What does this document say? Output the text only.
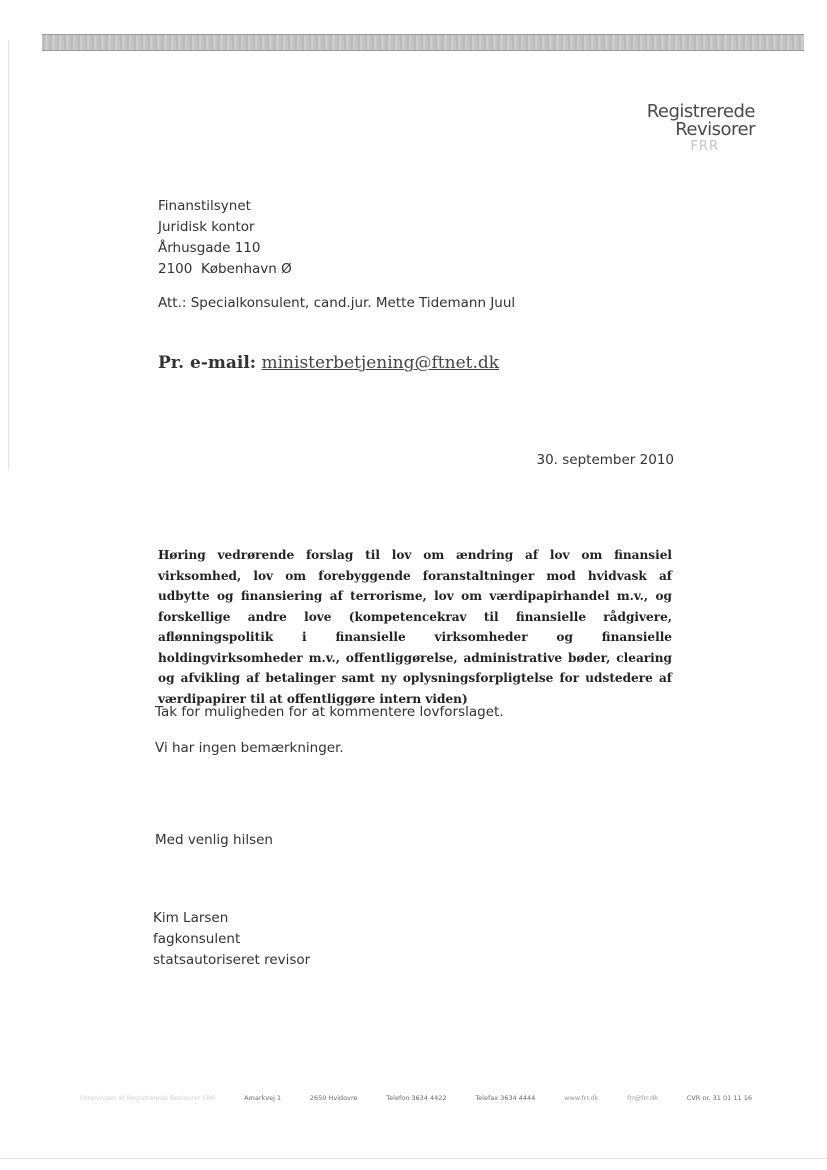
Registrerede
Revisorer
FRR
Finanstilsynet
Juridisk kontor
Århusgade 110
2100  København Ø
Att.: Specialkonsulent, cand.jur. Mette Tidemann Juul
Pr. e-mail: ministerbetjening@ftnet.dk
30. september 2010
Høring vedrørende forslag til lov om ændring af lov om finansiel virksomhed, lov om forebyggende foranstaltninger mod hvidvask af udbytte og finansiering af terrorisme, lov om værdipapirhandel m.v., og forskellige andre love (kompetencekrav til finansielle rådgivere, aflønningspolitik i finansielle virksomheder og finansielle holdingvirksomheder m.v., offentliggørelse, administrative bøder, clearing og afvikling af betalinger samt ny oplysningsforpligtelse for udstedere af værdipapirer til at offentliggøre intern viden)
Tak for muligheden for at kommentere lovforslaget.
Vi har ingen bemærkninger.
Med venlig hilsen
Kim Larsen
fagkonsulent
statsautoriseret revisor
Foreningen af Registrerede Revisorer FRR	Amarkvej 1	2650 Hvidovre	Telefon 3634 4422	Telefax 3634 4444	www.frr.dk	frr@frr.dk	CVR nr. 31 01 11 16
